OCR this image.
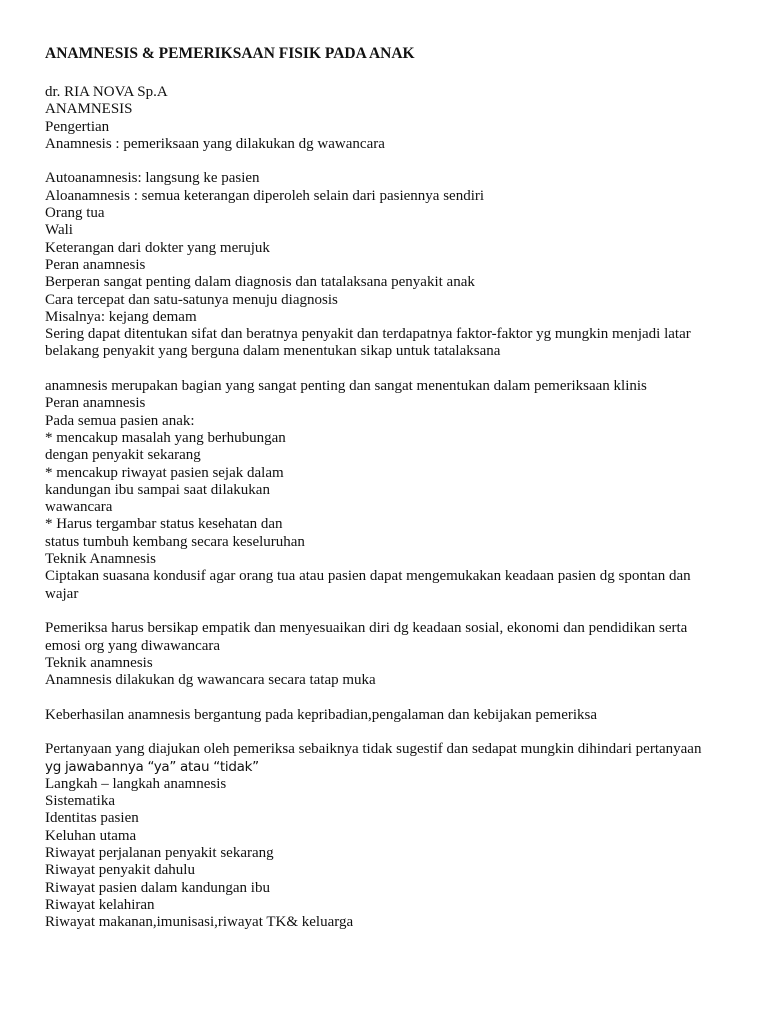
ANAMNESIS & PEMERIKSAAN FISIK PADA ANAK
dr. RIA NOVA Sp.A
ANAMNESIS
Pengertian
Anamnesis : pemeriksaan yang dilakukan dg wawancara
Autoanamnesis: langsung ke pasien
Aloanamnesis : semua keterangan diperoleh selain dari pasiennya sendiri
Orang tua
Wali
Keterangan dari dokter yang merujuk
Peran anamnesis
Berperan sangat penting dalam diagnosis dan tatalaksana penyakit anak
Cara tercepat dan satu-satunya menuju diagnosis
Misalnya: kejang demam
Sering dapat ditentukan sifat dan beratnya penyakit dan terdapatnya faktor-faktor yg mungkin menjadi latar
belakang penyakit yang berguna dalam menentukan sikap untuk tatalaksana
anamnesis merupakan bagian yang sangat penting dan sangat menentukan dalam pemeriksaan klinis
Peran anamnesis
Pada semua pasien anak:
* mencakup masalah yang berhubungan
dengan penyakit sekarang
* mencakup riwayat pasien sejak dalam
kandungan ibu sampai saat dilakukan
wawancara
* Harus tergambar status kesehatan dan
status tumbuh kembang secara keseluruhan
Teknik Anamnesis
Ciptakan suasana kondusif agar orang tua atau pasien dapat mengemukakan keadaan pasien dg spontan dan
wajar
Pemeriksa harus bersikap empatik dan menyesuaikan diri dg keadaan sosial, ekonomi dan pendidikan serta
emosi org yang diwawancara
Teknik anamnesis
Anamnesis dilakukan dg wawancara secara tatap muka
Keberhasilan anamnesis bergantung pada kepribadian,pengalaman dan kebijakan pemeriksa
Pertanyaan yang diajukan oleh pemeriksa sebaiknya tidak sugestif dan sedapat mungkin dihindari pertanyaan
yg jawabannya “ya” atau “tidak”
Langkah – langkah anamnesis
Sistematika
Identitas pasien
Keluhan utama
Riwayat perjalanan penyakit sekarang
Riwayat penyakit dahulu
Riwayat pasien dalam kandungan ibu
Riwayat kelahiran
Riwayat makanan,imunisasi,riwayat TK& keluarga
